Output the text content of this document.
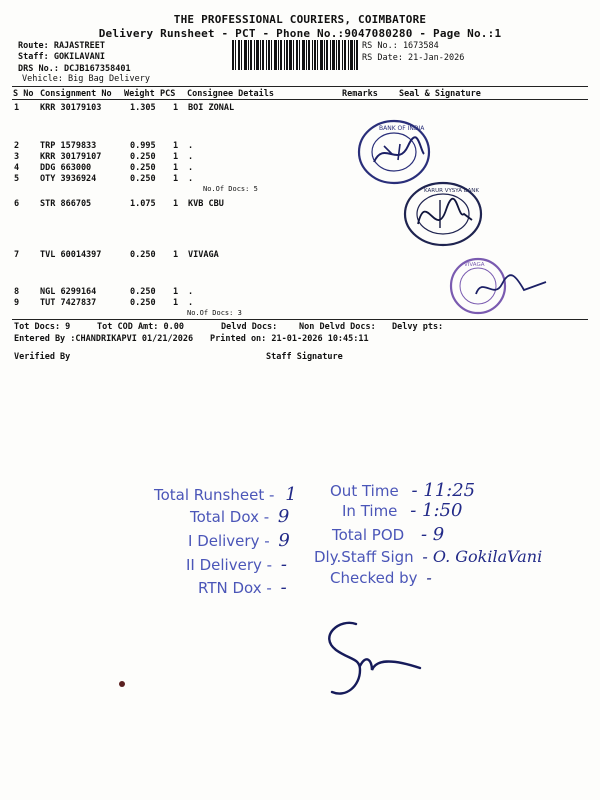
THE PROFESSIONAL COURIERS, COIMBATORE
Delivery Runsheet - PCT - Phone No.:9047080280 - Page No.:1
Route: RAJASTREET
Staff: GOKILAVANI
DRS No.: DCJB167358401
Vehicle: Big Bag Delivery
RS No.: 1673584
RS Date: 21-Jan-2026
S No Consignment No Weight PCS Consignee Details	Remarks Seal & Signature
1 KRR 30179103	1.305 1 BOI ZONAL
2 TRP 1579833	0.995 1 .
3 KRR 30179107	0.250 1 .
4 DDG 663000	0.250 1 .
5 OTY 3936924	0.250 1 .
No.Of Docs: 5
6 STR 866705	1.075 1 KVB CBU
7 TVL 60014397	0.250 1 VIVAGA
8 NGL 6299164	0.250 1 .
9 TUT 7427837	0.250 1 .
No.Of Docs: 3
Tot Docs: 9	Tot COD Amt: 0.00	Delvd Docs:	Non Delvd Docs: Delvy pts:
Entered By :CHANDRIKAPVI 01/21/2026 Printed on: 21-01-2026 10:45:11
Verified By	Staff Signature
BANK OF INDIA
KARUR VYSYA BANK
VIVAGA
Total Runsheet - 1
Total Dox - 9
I Delivery - 9
II Delivery - -
RTN Dox - -
Out Time - 11:25
In Time - 1:50
Total POD - 9
Dly.Staff Sign - O. GokilaVani
Checked by -
